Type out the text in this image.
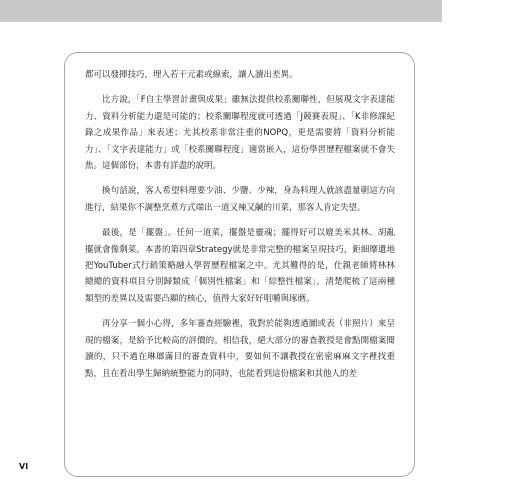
都可以發揮技巧，埋入若干元素或線索，讓人讀出差異。

比方說，「F自主學習計畫與成果」雖無法提供校系關聯性，但展現文字表達能力、資料分析能力還是可能的；校系關聯程度就可透過「J競賽表現」、「K非修課紀錄之成果作品」來表述；尤其校系非常注重的NOPQ，更是需要將「資料分析能力」、「文字表達能力」或「校系關聯程度」適當嵌入，這份學習歷程檔案就不會失焦。這個部份，本書有詳盡的說明。

換句話說，客人希望料理要少油、少鹽、少辣，身為料理人就該盡量朝這方向進行，結果你不調整烹煮方式端出一道又辣又鹹的川菜，那客人肯定失望。

最後，是「擺盤」。任何一道菜，擺盤是靈魂；擺得好可以媲美米其林、胡亂擺就會像剩菜。本書的第四章Strategy就是非常完整的檔案呈現技巧，鉅細靡遺地把YouTuber式行銷策略融入學習歷程檔案之中。尤其難得的是，仕親老師將林林總總的資料項目分別歸類成「個別性檔案」和「綜整性檔案」，清楚爬梳了這兩種類型的差異以及需要凸顯的核心，值得大家好好咀嚼與琢磨。

再分享一個小心得，多年審查經驗裡，我對於能夠透過圖或表（非照片）來呈現的檔案，是給予比較高的評價的。相信我，絕大部分的審查教授是會點開檔案閱讀的，只不過在琳瑯滿目的審查資料中，要如何不讓教授在密密麻麻文字裡找重點，且在看出學生歸納統整能力的同時，也能看到這份檔案和其他人的差

VI
